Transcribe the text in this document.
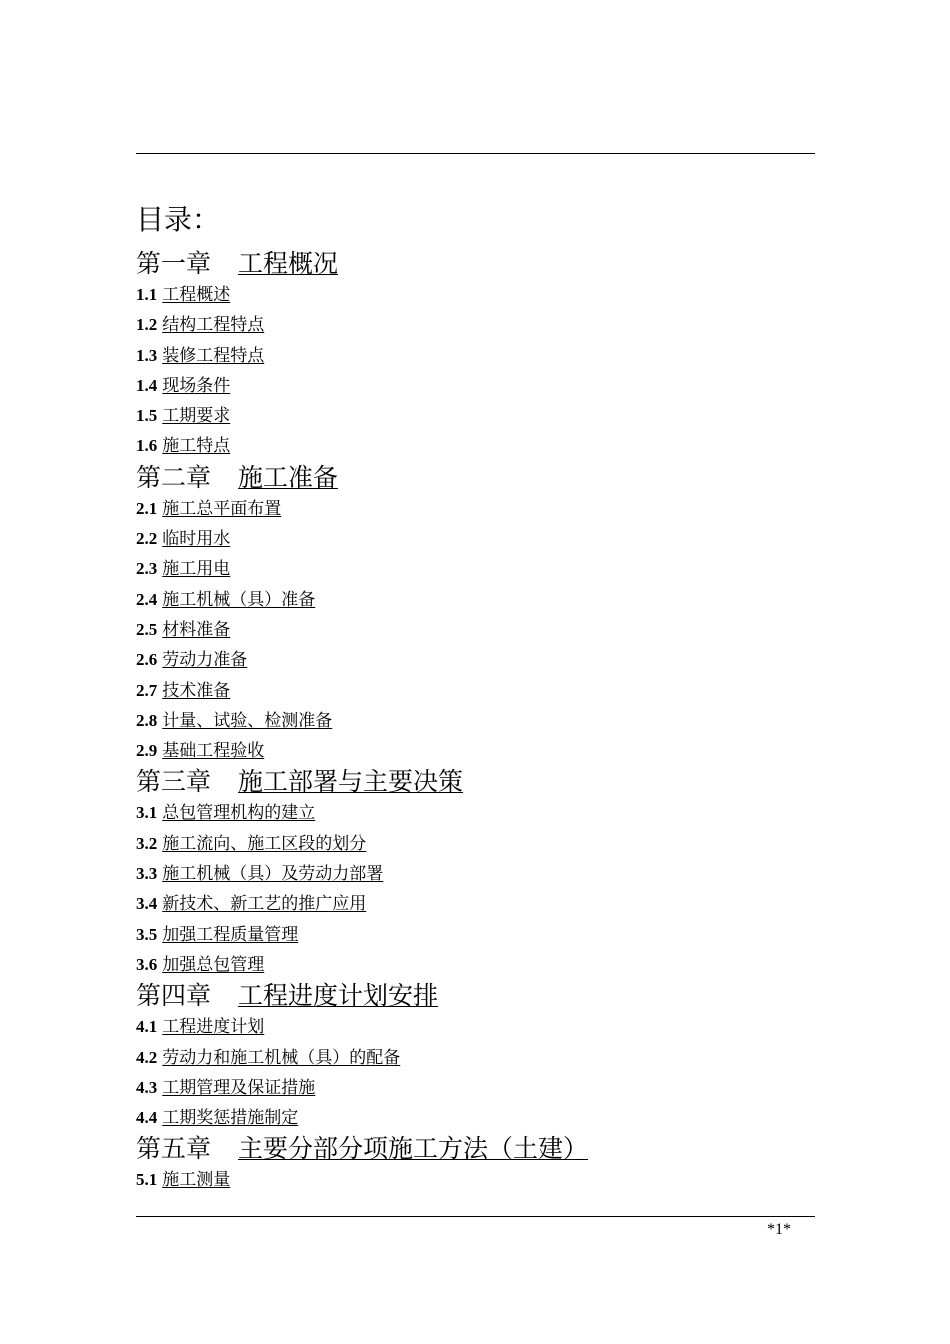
目录：
第一章 工程概况
1.1 工程概述
1.2 结构工程特点
1.3 装修工程特点
1.4 现场条件
1.5 工期要求
1.6 施工特点
第二章 施工准备
2.1 施工总平面布置
2.2 临时用水
2.3 施工用电
2.4 施工机械（具）准备
2.5 材料准备
2.6 劳动力准备
2.7 技术准备
2.8 计量、试验、检测准备
2.9 基础工程验收
第三章 施工部署与主要决策
3.1 总包管理机构的建立
3.2 施工流向、施工区段的划分
3.3 施工机械（具）及劳动力部署
3.4 新技术、新工艺的推广应用
3.5 加强工程质量管理
3.6 加强总包管理
第四章 工程进度计划安排
4.1 工程进度计划
4.2 劳动力和施工机械（具）的配备
4.3 工期管理及保证措施
4.4 工期奖惩措施制定
第五章 主要分部分项施工方法（土建）
5.1 施工测量
*1*
